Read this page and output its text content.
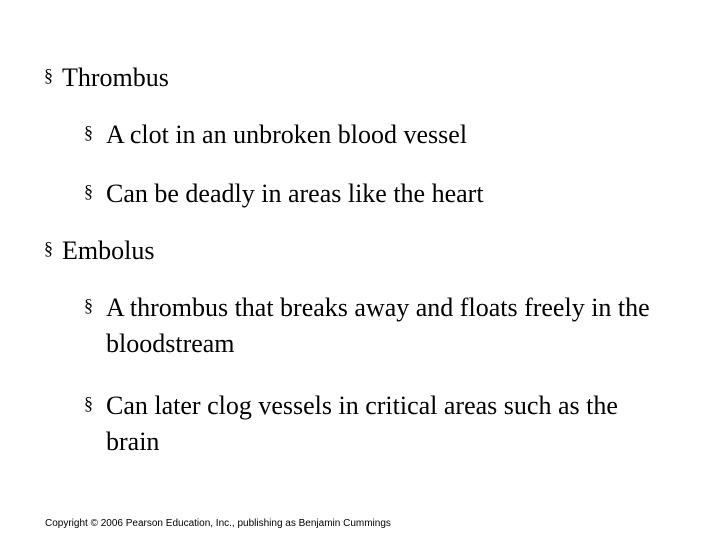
§ Thrombus
§ A clot in an unbroken blood vessel
§ Can be deadly in areas like the heart
§ Embolus
§ A thrombus that breaks away and floats freely in the bloodstream
§ Can later clog vessels in critical areas such as the brain
Copyright © 2006 Pearson Education, Inc., publishing as Benjamin Cummings
